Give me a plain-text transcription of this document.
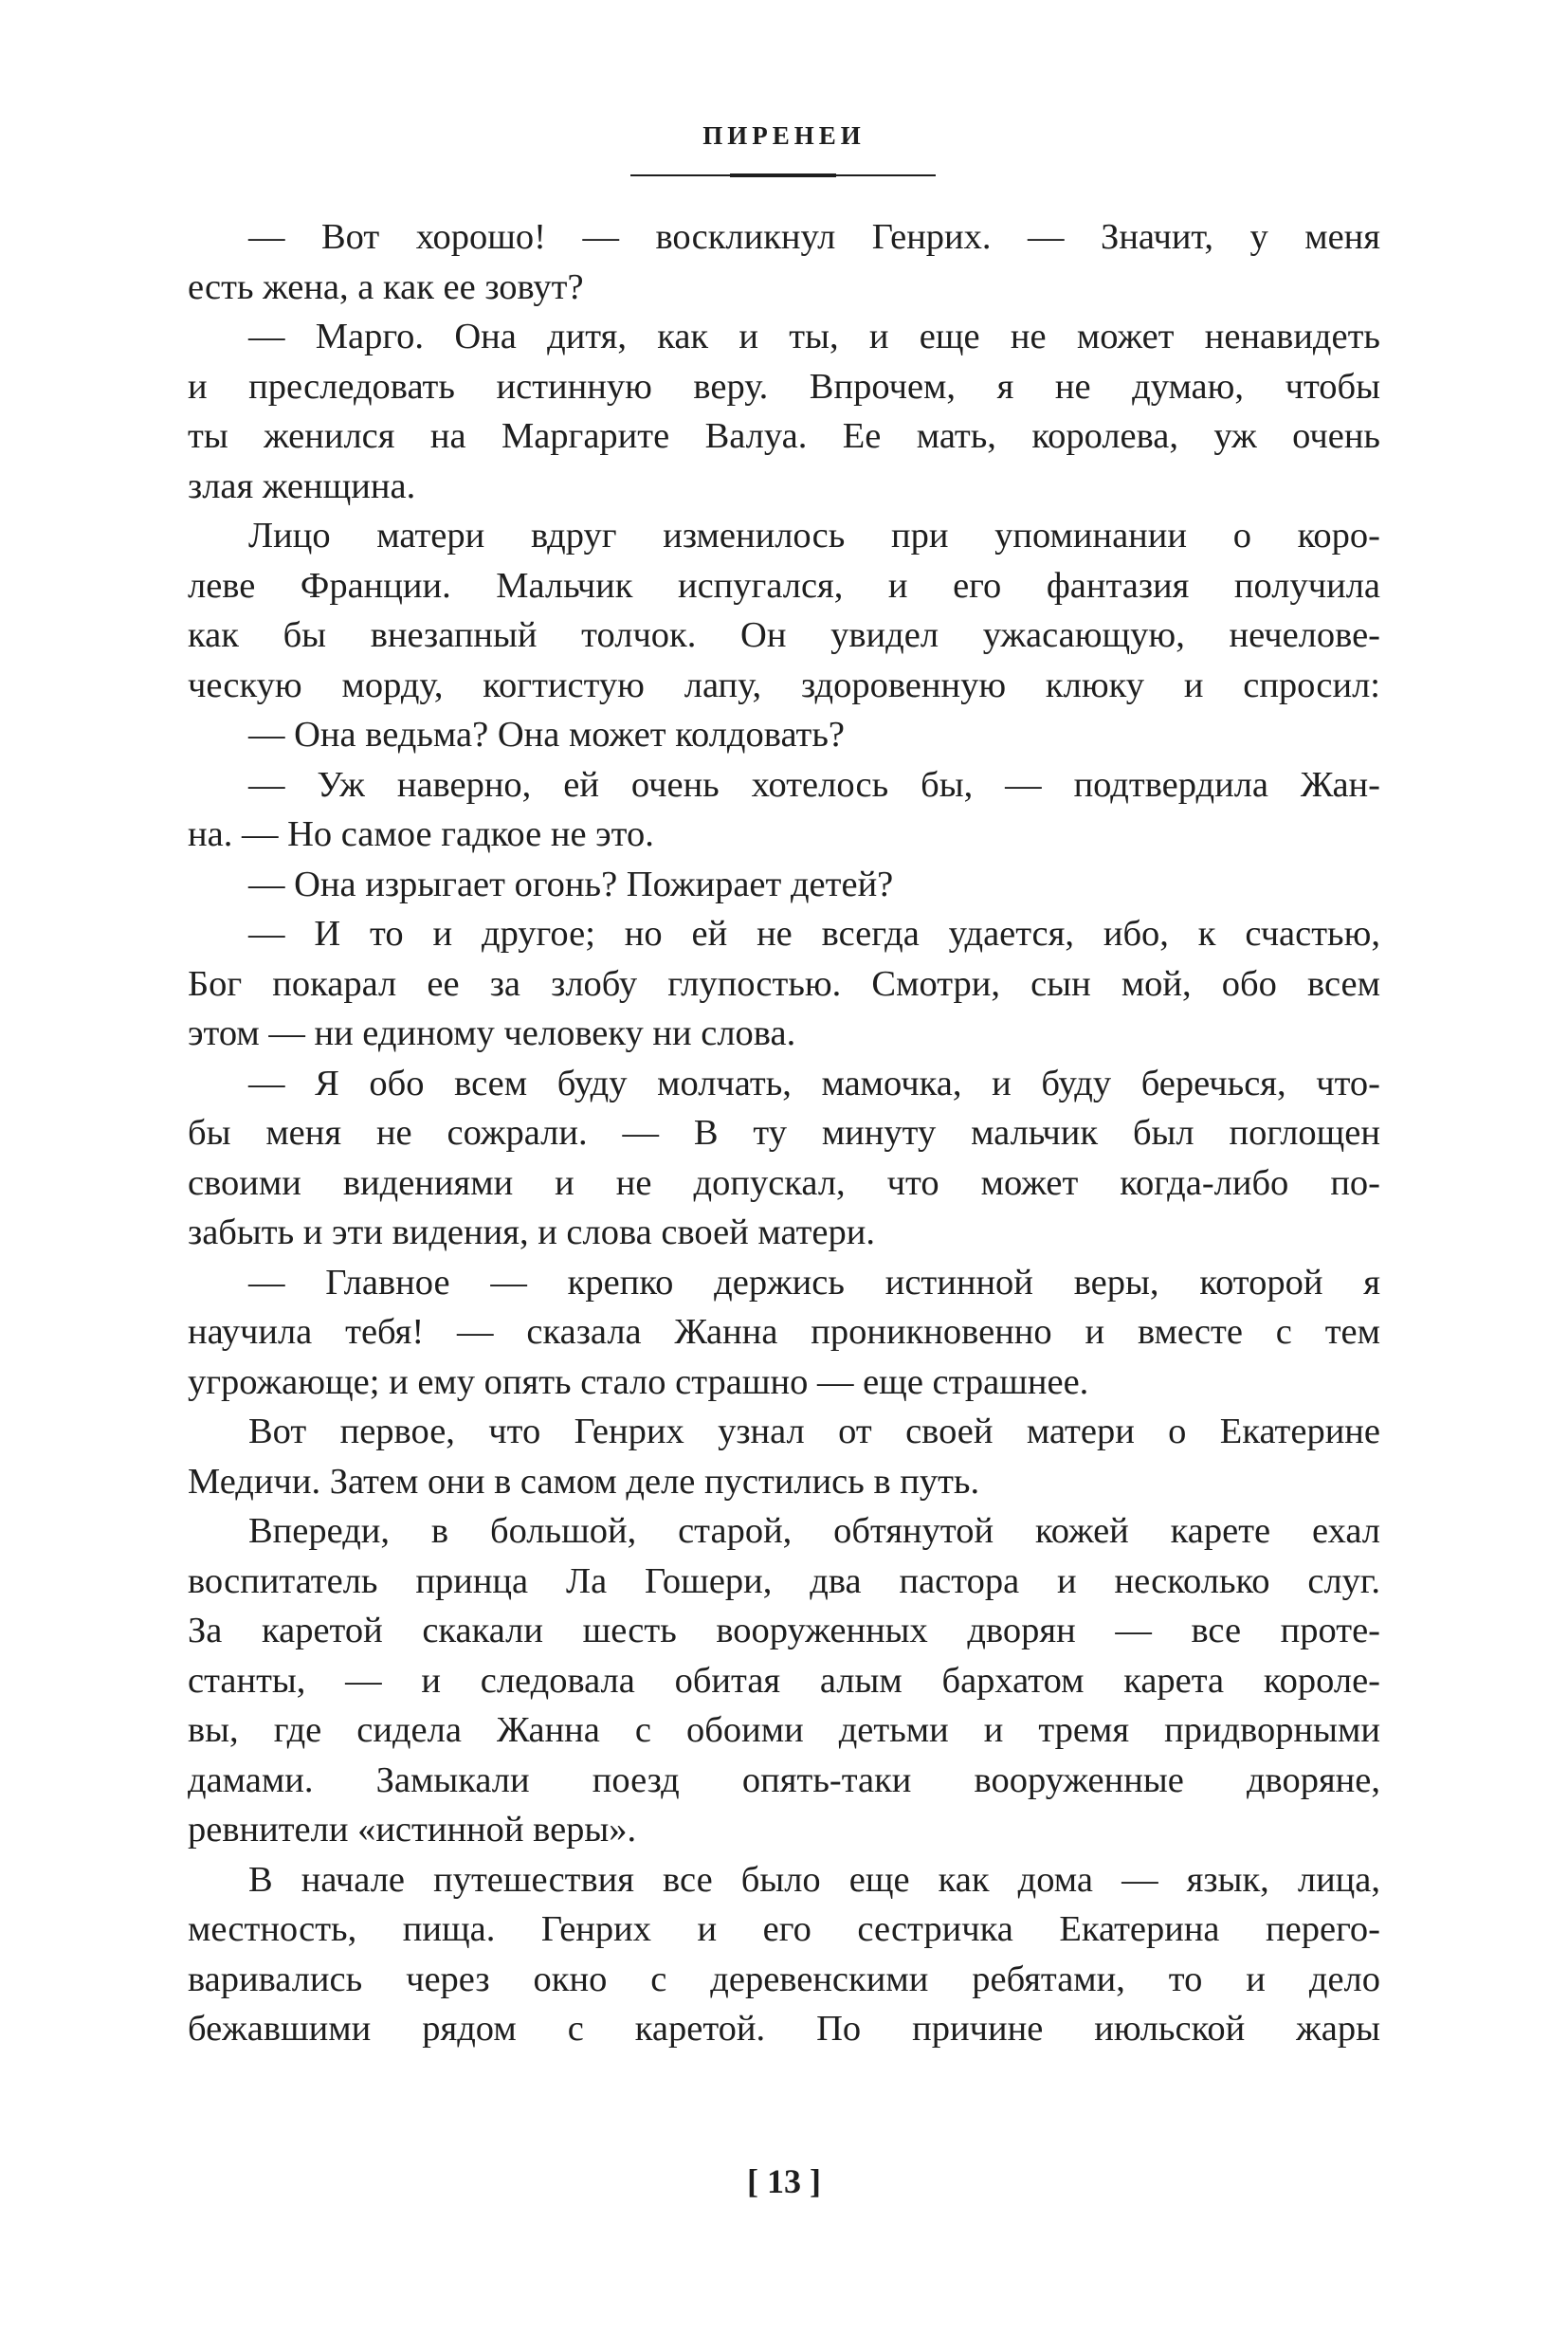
ПИРЕНЕИ
— Вот хорошо! — воскликнул Генрих. — Значит, у меня
есть жена, а как ее зовут?
— Марго. Она дитя, как и ты, и еще не может ненавидеть
и преследовать истинную веру. Впрочем, я не думаю, чтобы
ты женился на Маргарите Валуа. Ее мать, королева, уж очень
злая женщина.
Лицо матери вдруг изменилось при упоминании о коро-
леве Франции. Мальчик испугался, и его фантазия получила
как бы внезапный толчок. Он увидел ужасающую, нечелове-
ческую морду, когтистую лапу, здоровенную клюку и спросил:
— Она ведьма? Она может колдовать?
— Уж наверно, ей очень хотелось бы, — подтвердила Жан-
на. — Но самое гадкое не это.
— Она изрыгает огонь? Пожирает детей?
— И то и другое; но ей не всегда удается, ибо, к счастью,
Бог покарал ее за злобу глупостью. Смотри, сын мой, обо всем
этом — ни единому человеку ни слова.
— Я обо всем буду молчать, мамочка, и буду беречься, что-
бы меня не сожрали. — В ту минуту мальчик был поглощен
своими видениями и не допускал, что может когда-либо по-
забыть и эти видения, и слова своей матери.
— Главное — крепко держись истинной веры, которой я
научила тебя! — сказала Жанна проникновенно и вместе с тем
угрожающе; и ему опять стало страшно — еще страшнее.
Вот первое, что Генрих узнал от своей матери о Екатерине
Медичи. Затем они в самом деле пустились в путь.
Впереди, в большой, старой, обтянутой кожей карете ехал
воспитатель принца Ла Гошери, два пастора и несколько слуг.
За каретой скакали шесть вооруженных дворян — все проте-
станты, — и следовала обитая алым бархатом карета короле-
вы, где сидела Жанна с обоими детьми и тремя придворными
дамами. Замыкали поезд опять-таки вооруженные дворяне,
ревнители «истинной веры».
В начале путешествия все было еще как дома — язык, лица,
местность, пища. Генрих и его сестричка Екатерина перего-
варивались через окно с деревенскими ребятами, то и дело
бежавшими рядом с каретой. По причине июльской жары
[ 13 ]
